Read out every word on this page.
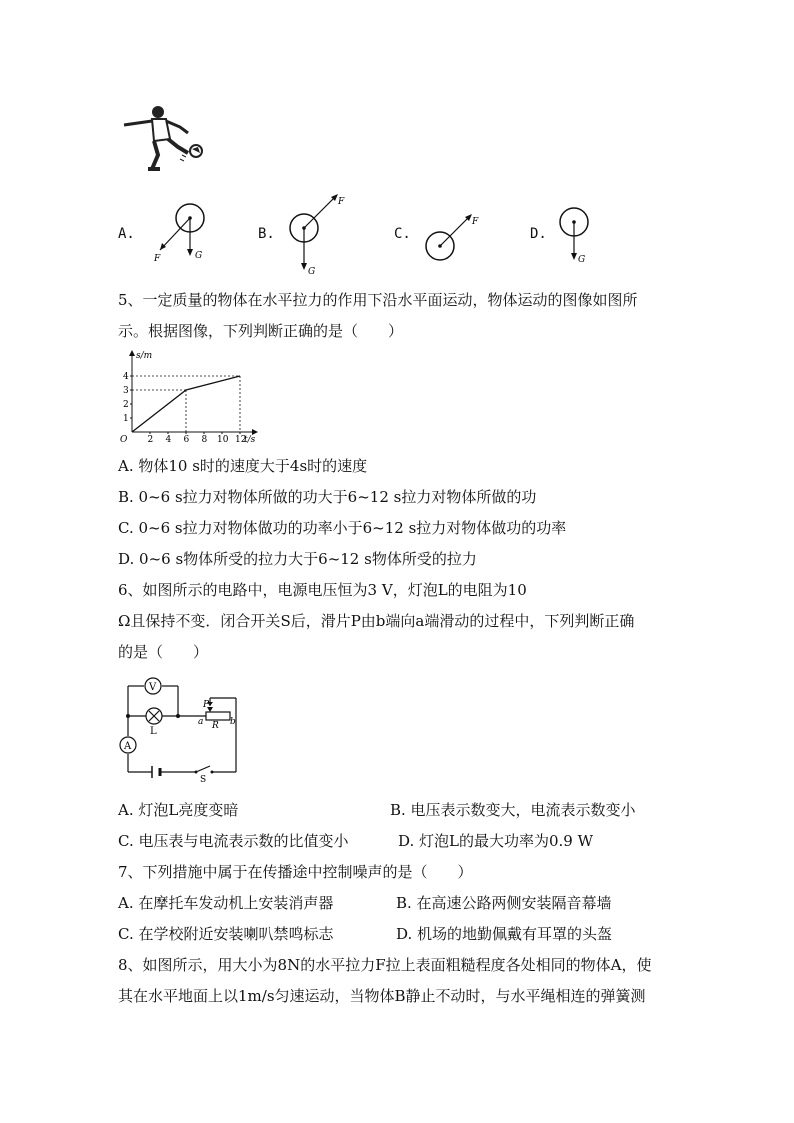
A.
F	G
B.
F
G
C.
F
D.
G
5、一定质量的物体在水平拉力的作用下沿水平面运动，物体运动的图像如图所
示。根据图像，下列判断正确的是（　　）
s/m
t/s
O
1
2
3
4
2 4 6 8 10 12
A. 物体10 s时的速度大于4s时的速度
B. 0~6 s拉力对物体所做的功大于6~12 s拉力对物体所做的功
C. 0~6 s拉力对物体做功的功率小于6~12 s拉力对物体做功的功率
D. 0~6 s物体所受的拉力大于6~12 s物体所受的拉力
6、如图所示的电路中，电源电压恒为3 V，灯泡L的电阻为10
Ω且保持不变．闭合开关S后，滑片P由b端向a端滑动的过程中，下列判断正确
的是（　　）
V
A
L
P
a R b
S
A. 灯泡L亮度变暗	B. 电压表示数变大，电流表示数变小
C. 电压表与电流表示数的比值变小	D. 灯泡L的最大功率为0.9 W
7、下列措施中属于在传播途中控制噪声的是（　　）
A. 在摩托车发动机上安装消声器	B. 在高速公路两侧安装隔音幕墙
C. 在学校附近安装喇叭禁鸣标志	D. 机场的地勤佩戴有耳罩的头盔
8、如图所示，用大小为8N的水平拉力F拉上表面粗糙程度各处相同的物体A，使
其在水平地面上以1m/s匀速运动，当物体B静止不动时，与水平绳相连的弹簧测
